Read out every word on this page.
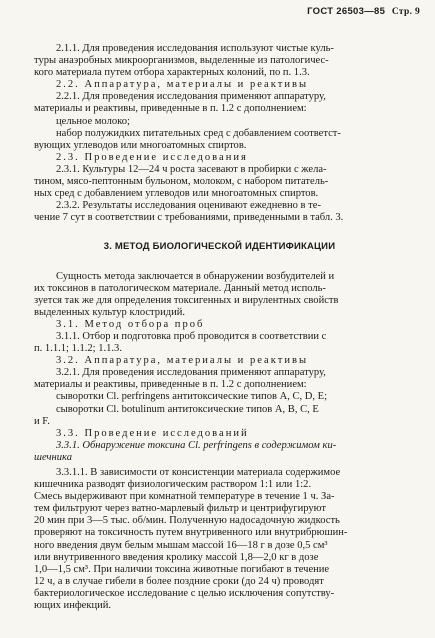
ГОСТ 26503—85 Стр. 9

2.1.1. Для проведения исследования используют чистые куль-

туры анаэробных микроорганизмов, выделенные из патологичес-

кого материала путем отбора характерных колоний, по п. 1.3.

2.2. Аппаратура, материалы и реактивы

2.2.1. Для проведения исследования применяют аппаратуру,

материалы и реактивы, приведенные в п. 1.2 с дополнением:

цельное молоко;

набор полужидких питательных сред с добавлением соответст-

вующих углеводов или многоатомных спиртов.

2.3. Проведение исследования

2.3.1. Культуры 12—24 ч роста засевают в пробирки с жела-

тином, мясо-пептонным бульоном, молоком, с набором питатель-

ных сред с добавлением углеводов или многоатомных спиртов.

2.3.2. Результаты исследования оценивают ежедневно в те-

чение 7 сут в соответствии с требованиями, приведенными в табл. 3.

3. МЕТОД БИОЛОГИЧЕСКОЙ ИДЕНТИФИКАЦИИ

Сущность метода заключается в обнаружении возбудителей и

их токсинов в патологическом материале. Данный метод исполь-

зуется так же для определения токсигенных и вирулентных свойств

выделенных культур клостридий.

3.1. Метод отбора проб

3.1.1. Отбор и подготовка проб проводится в соответствии с

п. 1.1.1; 1.1.2; 1.1.3.

3.2. Аппаратура, материалы и реактивы

3.2.1. Для проведения исследования применяют аппаратуру,

материалы и реактивы, приведенные в п. 1.2 с дополнением:

сыворотки Cl. perfringens антитоксические типов A, C, D, E;

сыворотки Cl. botulinum антитоксические типов A, B, C, E

и F.

3.3. Проведение исследований

3.3.1. Обнаружение токсина Cl. perfringens в содержимом ки-

шечника

3.3.1.1. В зависимости от консистенции материала содержимое

кишечника разводят физиологическим раствором 1:1 или 1:2.

Смесь выдерживают при комнатной температуре в течение 1 ч. За-

тем фильтруют через ватно-марлевый фильтр и центрифугируют

20 мин при 3—5 тыс. об/мин. Полученную надосадочную жидкость

проверяют на токсичность путем внутривенного или внутрибрюшин-

ного введения двум белым мышам массой 16—18 г в дозе 0,5 см³

или внутривенного введения кролику массой 1,8—2,0 кг в дозе

1,0—1,5 см³. При наличии токсина животные погибают в течение

12 ч, а в случае гибели в более поздние сроки (до 24 ч) проводят

бактериологическое исследование с целью исключения сопутству-

ющих инфекций.
